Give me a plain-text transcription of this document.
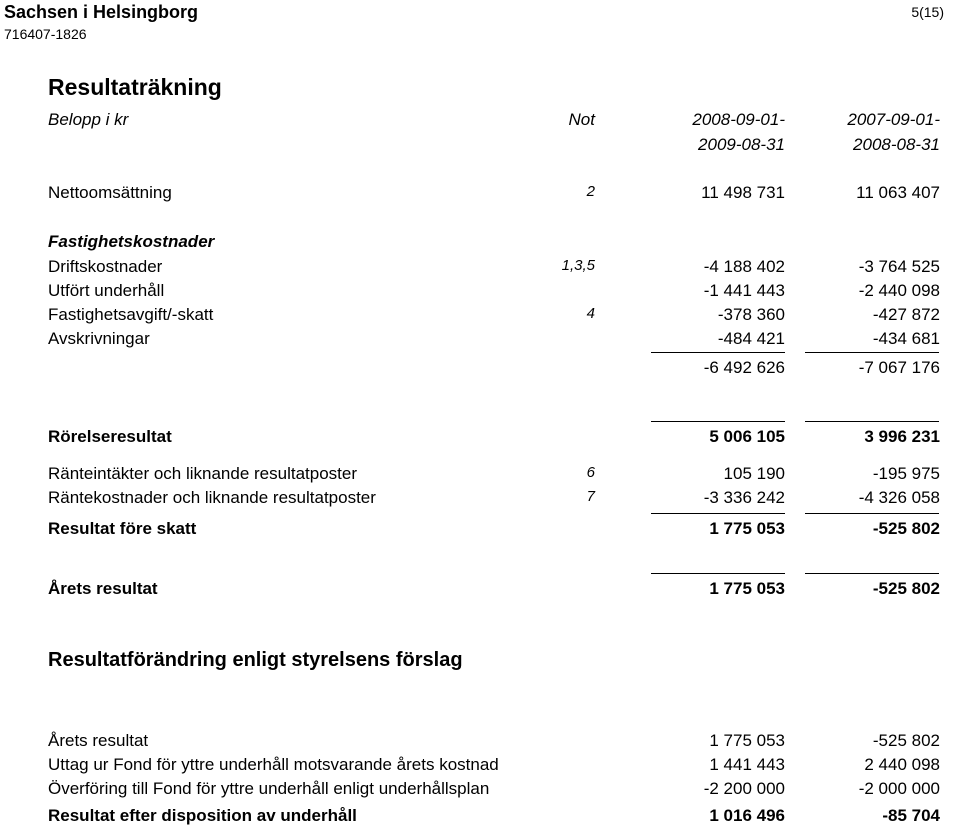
Sachsen i Helsingborg
716407-1826
5(15)
Resultaträkning
Belopp i kr	Not	2008-09-01-	2007-09-01-
2009-08-31	2008-08-31
Nettoomsättning	2	11 498 731	11 063 407
Fastighetskostnader
Driftskostnader	1,3,5	-4 188 402	-3 764 525
Utfört underhåll	-1 441 443	-2 440 098
Fastighetsavgift/-skatt	4	-378 360	-427 872
Avskrivningar	-484 421	-434 681
-6 492 626	-7 067 176
Rörelseresultat	5 006 105	3 996 231
Ränteintäkter och liknande resultatposter	6	105 190	-195 975
Räntekostnader och liknande resultatposter	7	-3 336 242	-4 326 058
Resultat före skatt	1 775 053	-525 802
Årets resultat	1 775 053	-525 802
Resultatförändring enligt styrelsens förslag
Årets resultat	1 775 053	-525 802
Uttag ur Fond för yttre underhåll motsvarande årets kostnad	1 441 443	2 440 098
Överföring till Fond för yttre underhåll enligt underhållsplan	-2 200 000	-2 000 000
Resultat efter disposition av underhåll	1 016 496	-85 704
